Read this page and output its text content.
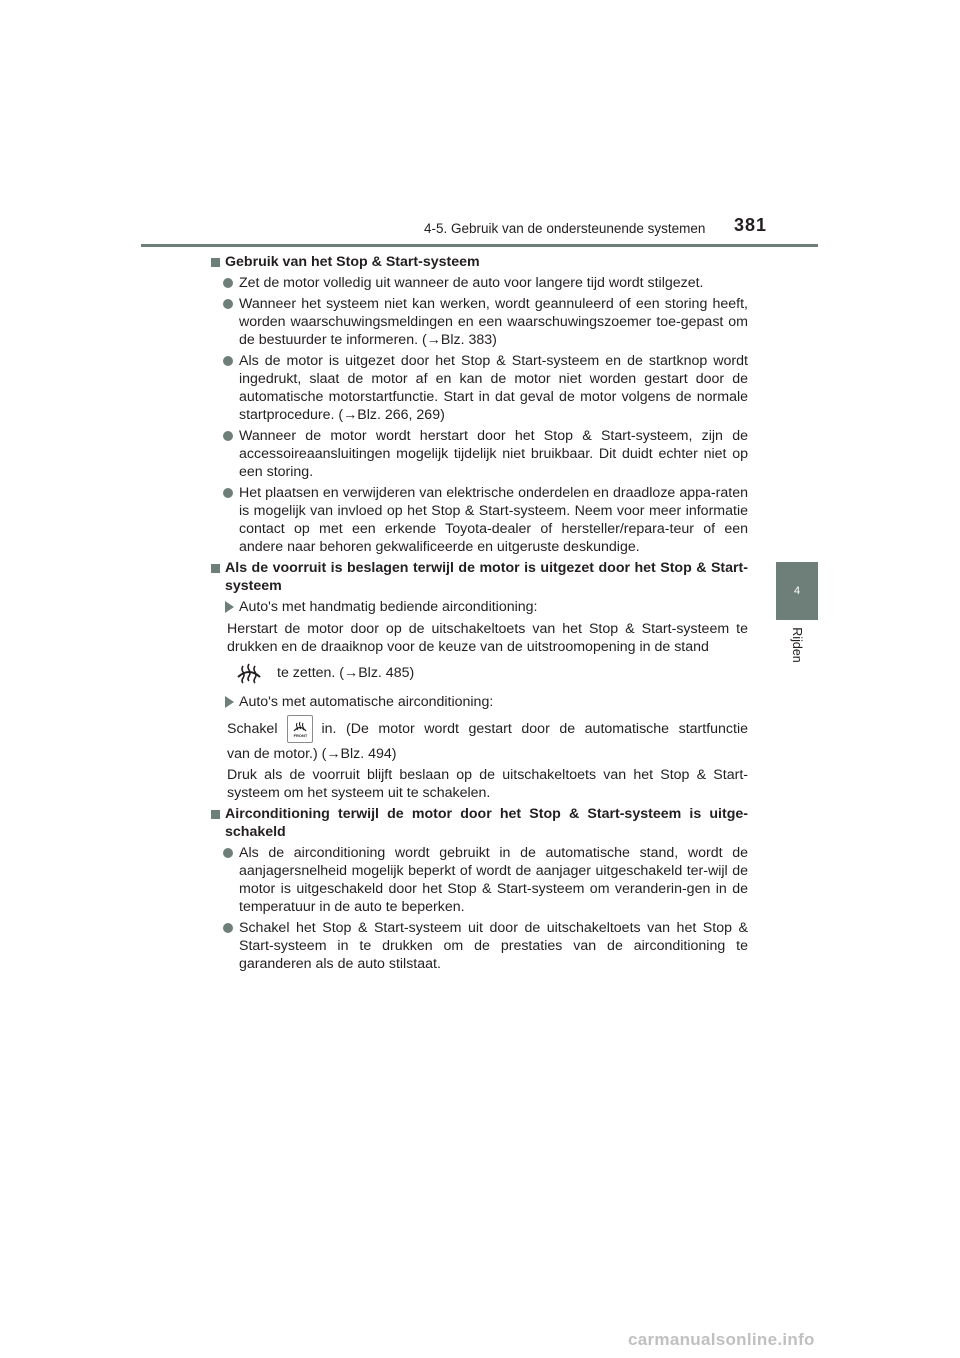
4-5. Gebruik van de ondersteunende systemen 381
4
Rijden
Gebruik van het Stop & Start-systeem
Zet de motor volledig uit wanneer de auto voor langere tijd wordt stilgezet.
Wanneer het systeem niet kan werken, wordt geannuleerd of een storing heeft, worden waarschuwingsmeldingen en een waarschuwingszoemer toe-gepast om de bestuurder te informeren. (→Blz. 383)
Als de motor is uitgezet door het Stop & Start-systeem en de startknop wordt ingedrukt, slaat de motor af en kan de motor niet worden gestart door de automatische motorstartfunctie. Start in dat geval de motor volgens de normale startprocedure. (→Blz. 266, 269)
Wanneer de motor wordt herstart door het Stop & Start-systeem, zijn de accessoireaansluitingen mogelijk tijdelijk niet bruikbaar. Dit duidt echter niet op een storing.
Het plaatsen en verwijderen van elektrische onderdelen en draadloze appa-raten is mogelijk van invloed op het Stop & Start-systeem. Neem voor meer informatie contact op met een erkende Toyota-dealer of hersteller/repara-teur of een andere naar behoren gekwalificeerde en uitgeruste deskundige.
Als de voorruit is beslagen terwijl de motor is uitgezet door het Stop & Start-systeem
Auto's met handmatig bediende airconditioning:
Herstart de motor door op de uitschakeltoets van het Stop & Start-systeem te drukken en de draaiknop voor de keuze van de uitstroomopening in de stand
te zetten. (→Blz. 485)
Auto's met automatische airconditioning:
Schakel	FRONT in. (De motor wordt gestart door de automatische startfunctie
van de motor.) (→Blz. 494)
Druk als de voorruit blijft beslaan op de uitschakeltoets van het Stop & Start-systeem om het systeem uit te schakelen.
Airconditioning terwijl de motor door het Stop & Start-systeem is uitge-schakeld
Als de airconditioning wordt gebruikt in de automatische stand, wordt de aanjagersnelheid mogelijk beperkt of wordt de aanjager uitgeschakeld ter-wijl de motor is uitgeschakeld door het Stop & Start-systeem om veranderin-gen in de temperatuur in de auto te beperken.
Schakel het Stop & Start-systeem uit door de uitschakeltoets van het Stop & Start-systeem in te drukken om de prestaties van de airconditioning te garanderen als de auto stilstaat.
carmanualsonline.info
